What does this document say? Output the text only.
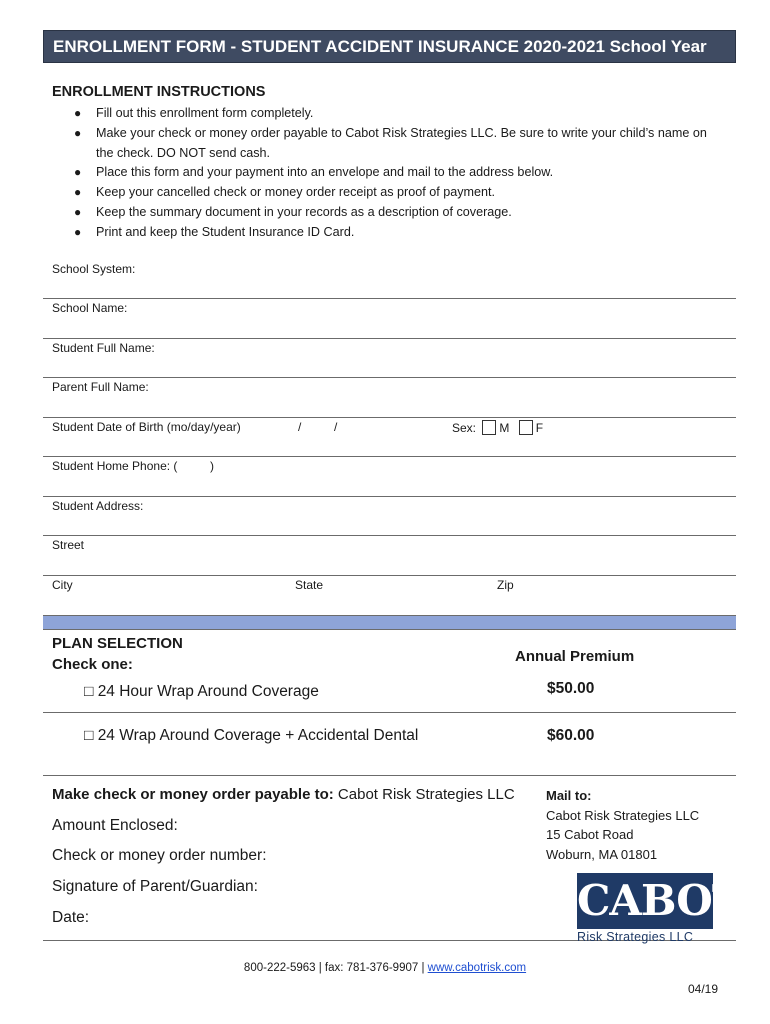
ENROLLMENT FORM - STUDENT ACCIDENT INSURANCE 2020-2021 School Year
ENROLLMENT INSTRUCTIONS
● Fill out this enrollment form completely.
● Make your check or money order payable to Cabot Risk Strategies LLC. Be sure to write your child’s name on the check. DO NOT send cash.
● Place this form and your payment into an envelope and mail to the address below.
● Keep your cancelled check or money order receipt as proof of payment.
● Keep the summary document in your records as a description of coverage.
● Print and keep the Student Insurance ID Card.
School System:
School Name:
Student Full Name:
Parent Full Name:
Student Date of Birth (mo/day/year)	/	/	Sex: M F
Student Home Phone: (	)
Student Address:
Street
City	State	Zip
PLAN SELECTION
Check one:	Annual Premium
□ 24 Hour Wrap Around Coverage	$50.00
□ 24 Wrap Around Coverage + Accidental Dental	$60.00
Make check or money order payable to: Cabot Risk Strategies LLC
Amount Enclosed:
Check or money order number:
Signature of Parent/Guardian:
Date:
Mail to:
Cabot Risk Strategies LLC
15 Cabot Road
Woburn, MA 01801
CABOT
Risk Strategies LLC
800-222-5963 | fax: 781-376-9907 | www.cabotrisk.com
04/19
